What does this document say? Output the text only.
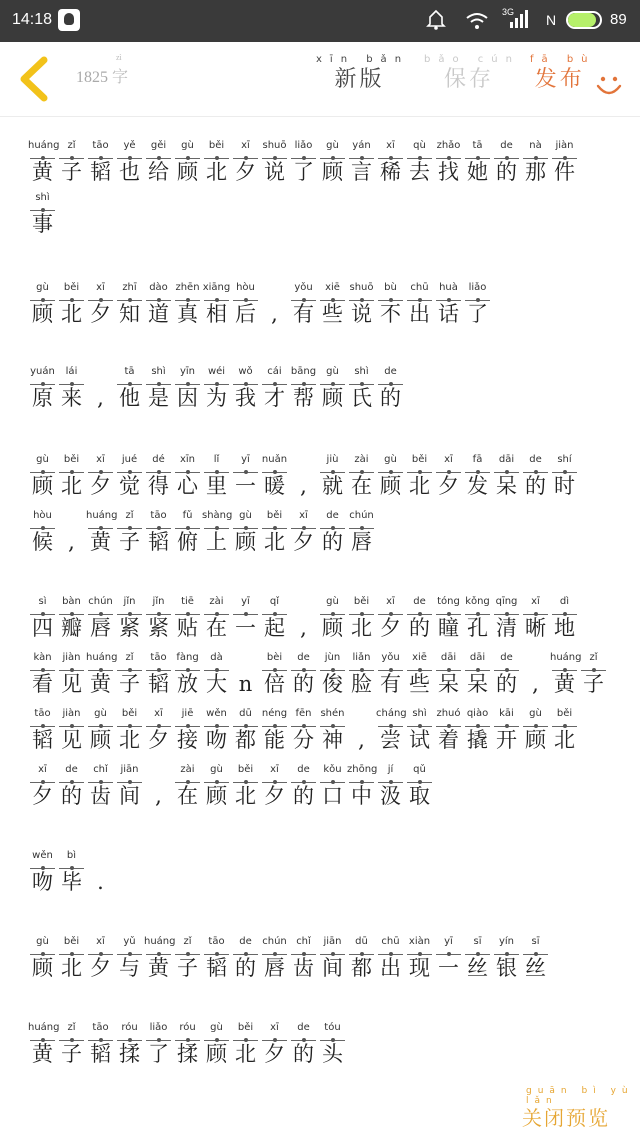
14:18	3G N	89
1825
zì
字
xīn bǎn
新版
bǎo cún
保存
fā bù
发布
huáng
黄
zǐ
子
tāo
韬
yě
也
gěi
给
gù
顾
běi
北
xī
夕
shuō
说
liǎo
了
gù
顾
yán
言
xī
稀
qù
去
zhǎo
找
tā
她
de
的
nà
那
jiàn
件
shì
事
gù
顾
běi
北
xī
夕
zhī
知
dào
道
zhēn
真
xiāng
相
hòu
后 ,
yǒu
有
xiē
些
shuō
说
bù
不
chū
出
huà
话
liǎo
了
yuán
原
lái
来 ,
tā
他
shì
是
yīn
因
wéi
为
wǒ
我
cái
才
bāng
帮
gù
顾
shì
氏
de
的
gù
顾
běi
北
xī
夕
jué
觉
dé
得
xīn
心
lǐ
里
yī
一
nuǎn
暖 ,
jiù
就
zài
在
gù
顾
běi
北
xī
夕
fā
发
dāi
呆
de
的
shí
时
hòu
候 ,
huáng
黄
zǐ
子
tāo
韬
fǔ
俯
shàng
上
gù
顾
běi
北
xī
夕
de
的
chún
唇
sì
四
bàn
瓣
chún
唇
jǐn
紧
jǐn
紧
tiē
贴
zài
在
yī
一
qǐ
起 ,
gù
顾
běi
北
xī
夕
de
的
tóng
瞳
kǒng
孔
qīng
清
xī
晰
dì
地
kàn
看
jiàn
见
huáng
黄
zǐ
子
tāo
韬
fàng
放
dà
大 n
bèi
倍
de
的
jùn
俊
liǎn
脸
yǒu
有
xiē
些
dāi
呆
dāi
呆
de
的 ,
huáng
黄
zǐ
子
tāo
韬
jiàn
见
gù
顾
běi
北
xī
夕
jiē
接
wěn
吻
dū
都
néng
能
fēn
分
shén
神 ,
cháng
尝
shì
试
zhuó
着
qiào
撬
kāi
开
gù
顾
běi
北
xī
夕
de
的
chǐ
齿
jiān
间 ,
zài
在
gù
顾
běi
北
xī
夕
de
的
kǒu
口
zhōng
中
jí
汲
qǔ
取
wěn
吻
bì
毕 .
gù
顾
běi
北
xī
夕
yǔ
与
huáng
黄
zǐ
子
tāo
韬
de
的
chún
唇
chǐ
齿
jiān
间
dū
都
chū
出
xiàn
现
yī
一
sī
丝
yín
银
sī
丝
huáng
黄
zǐ
子
tāo
韬
róu
揉
liǎo
了
róu
揉
gù
顾
běi
北
xī
夕
de
的
tóu
头
guān bì yù lǎn
关闭预览
